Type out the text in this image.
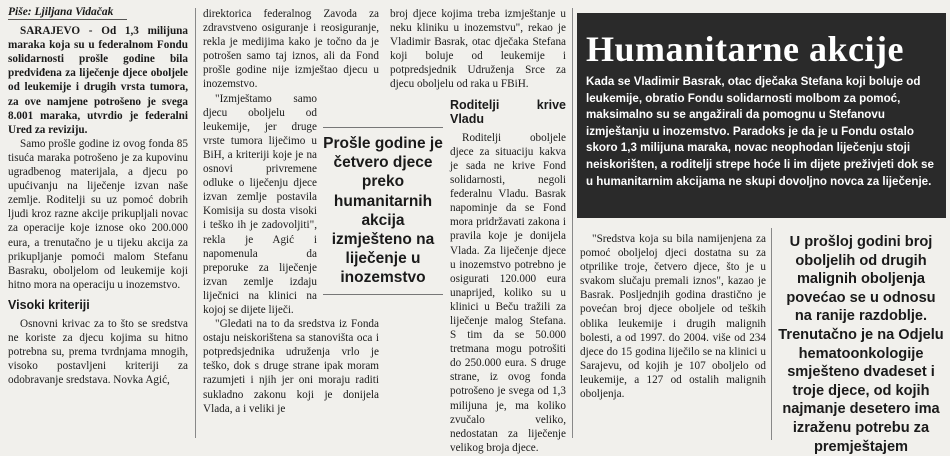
Piše: Ljiljana Vidačak

SARAJEVO - Od 1,3 milijuna maraka koja su u federalnom Fondu solidarnosti prošle godine bila predviđena za liječenje djece oboljele od leukemije i drugih vrsta tumora, za ove namjene potrošeno je svega 8.001 maraka, utvrdio je federalni Ured za reviziju.

Samo prošle godine iz ovog fonda 85 tisuća maraka potrošeno je za kupovinu ugradbenog materijala, a djecu po upućivanju na liječenje izvan naše zemlje. Roditelji su uz pomoć dobrih ljudi kroz razne akcije prikupljali novac za operacije koje iznose oko 200.000 eura, a trenutačno je u tijeku akcija za prikupljanje pomoći malom Stefanu Basraku, oboljelom od leukemije koji hitno mora na operaciju u inozemstvo.

Visoki kriteriji

Osnovni krivac za to što se sredstva ne koriste za djecu kojima su hitno potrebna su, prema tvrdnjama mnogih, visoko postavljeni kriteriji za odobravanje sredstava. Novka Agić,

direktorica federalnog Zavoda za zdravstveno osiguranje i reosiguranje, rekla je medijima kako je točno da je potrošen samo taj iznos, ali da Fond prošle godine nije izmještao djecu u inozemstvo.

"Izmještamo samo djecu oboljelu od leukemije, jer druge vrste tumora liječimo u BiH, a kriteriji koje je na osnovi privremene odluke o liječenju djece izvan zemlje postavila Komisija su dosta visoki i teško ih je zadovoljiti", rekla je Agić i napomenula da preporuke za liječenje izvan zemlje izdaju liječnici na klinici na kojoj se dijete liječi.

"Gledati na to da sredstva iz Fonda ostaju neiskorištena sa stanovišta oca i potpredsjednika udruženja vrlo je teško, dok s druge strane ipak moram razumjeti i njih jer oni moraju raditi sukladno zakonu koji je donijela Vlada, a i veliki je

Prošle godine je četvero djece preko humanitarnih akcija izmješteno na liječenje u inozemstvo

broj djece kojima treba izmještanje u neku kliniku u inozemstvu", rekao je Vladimir Basrak, otac dječaka Stefana koji boluje od leukemije i potpredsjednik Udruženja Srce za djecu oboljelu od raka u FBiH.

Roditelji krive Vladu

Roditelji oboljele djece za situaciju kakva je sada ne krive Fond solidarnosti, negoli federalnu Vladu. Basrak napominje da se Fond mora pridržavati zakona i pravila koje je donijela Vlada. Za liječenje djece u inozemstvo potrebno je osigurati 120.000 eura unaprijed, koliko su u klinici u Beču tražili za liječenje malog Stefana. S tim da se 50.000 tretmana mogu potrošiti do 250.000 eura. S druge strane, iz ovog fonda potrošeno je svega od 1,3 milijuna je, ma koliko zvučalo veliko, nedostatan za liječenje velikog broja djece.

Humanitarne akcije
Kada se Vladimir Basrak, otac dječaka Stefana koji boluje od leukemije, obratio Fondu solidarnosti molbom za pomoć, maksimalno su se angažirali da pomognu u Stefanovu izmještanju u inozemstvo. Paradoks je da je u Fondu ostalo skoro 1,3 milijuna maraka, novac neophodan liječenju stoji neiskorišten, a roditelji strepe hoće li im dijete preživjeti dok se u humanitarnim akcijama ne skupi dovoljno novca za liječenje.

"Sredstva koja su bila namijenjena za pomoć oboljeloj djeci dostatna su za otprilike troje, četvero djece, što je u svakom slučaju premali iznos", kazao je Basrak. Posljednjih godina drastično je povećan broj djece oboljele od teških oblika leukemije i drugih malignih bolesti, a od 1997. do 2004. više od 234 djece do 15 godina liječilo se na klinici u Sarajevu, od kojih je 107 oboljelo od leukemije, a 127 od ostalih malignih oboljenja.

U prošloj godini broj oboljelih od drugih malignih oboljenja povećao se u odnosu na ranije razdoblje. Trenutačno je na Odjelu hematoonkologije smješteno dvadeset i troje djece, od kojih najmanje desetero ima izraženu potrebu za premještajem
